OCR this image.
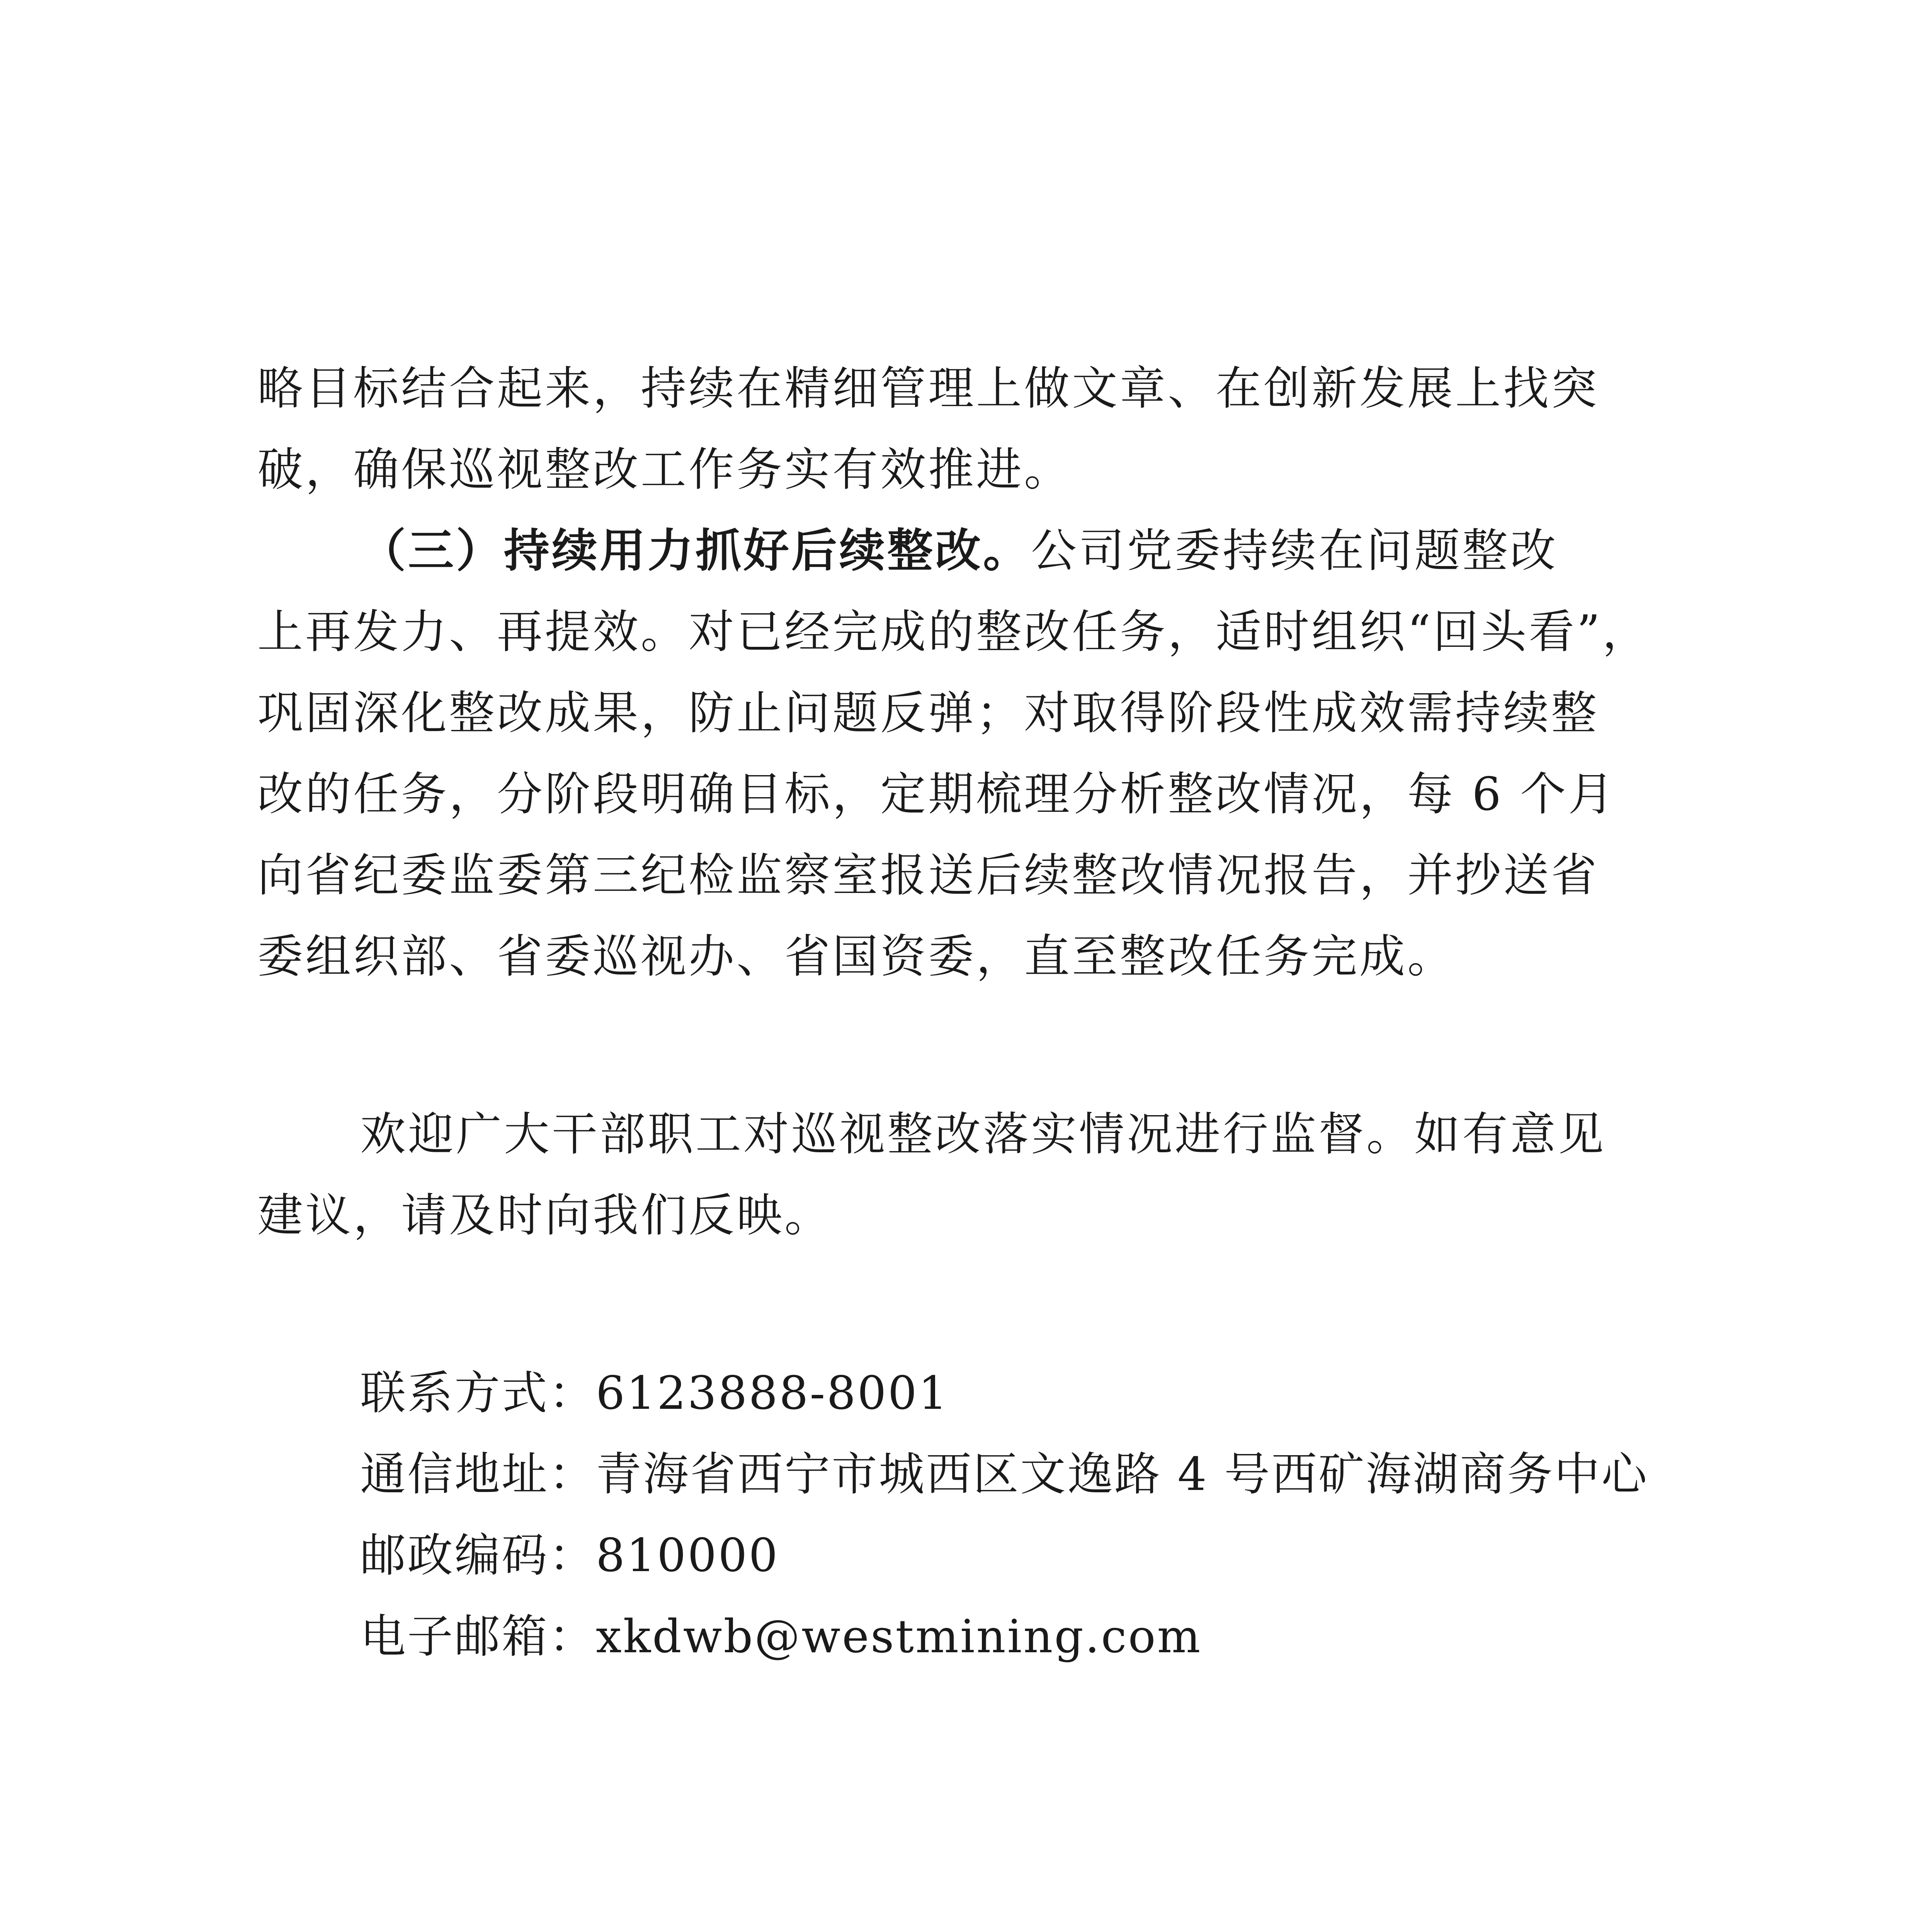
略目标结合起来，持续在精细管理上做文章、在创新发展上找突
破，确保巡视整改工作务实有效推进。
（三）持续用力抓好后续整改。公司党委持续在问题整改
上再发力、再提效。对已经完成的整改任务，适时组织“回头看”，
巩固深化整改成果，防止问题反弹；对取得阶段性成效需持续整
改的任务，分阶段明确目标，定期梳理分析整改情况，每 6 个月
向省纪委监委第三纪检监察室报送后续整改情况报告，并抄送省
委组织部、省委巡视办、省国资委，直至整改任务完成。
欢迎广大干部职工对巡视整改落实情况进行监督。如有意见
建议，请及时向我们反映。
联系方式：6123888-8001
通信地址：青海省西宁市城西区文逸路 4 号西矿海湖商务中心
邮政编码：810000
电子邮箱：xkdwb@westmining.com
